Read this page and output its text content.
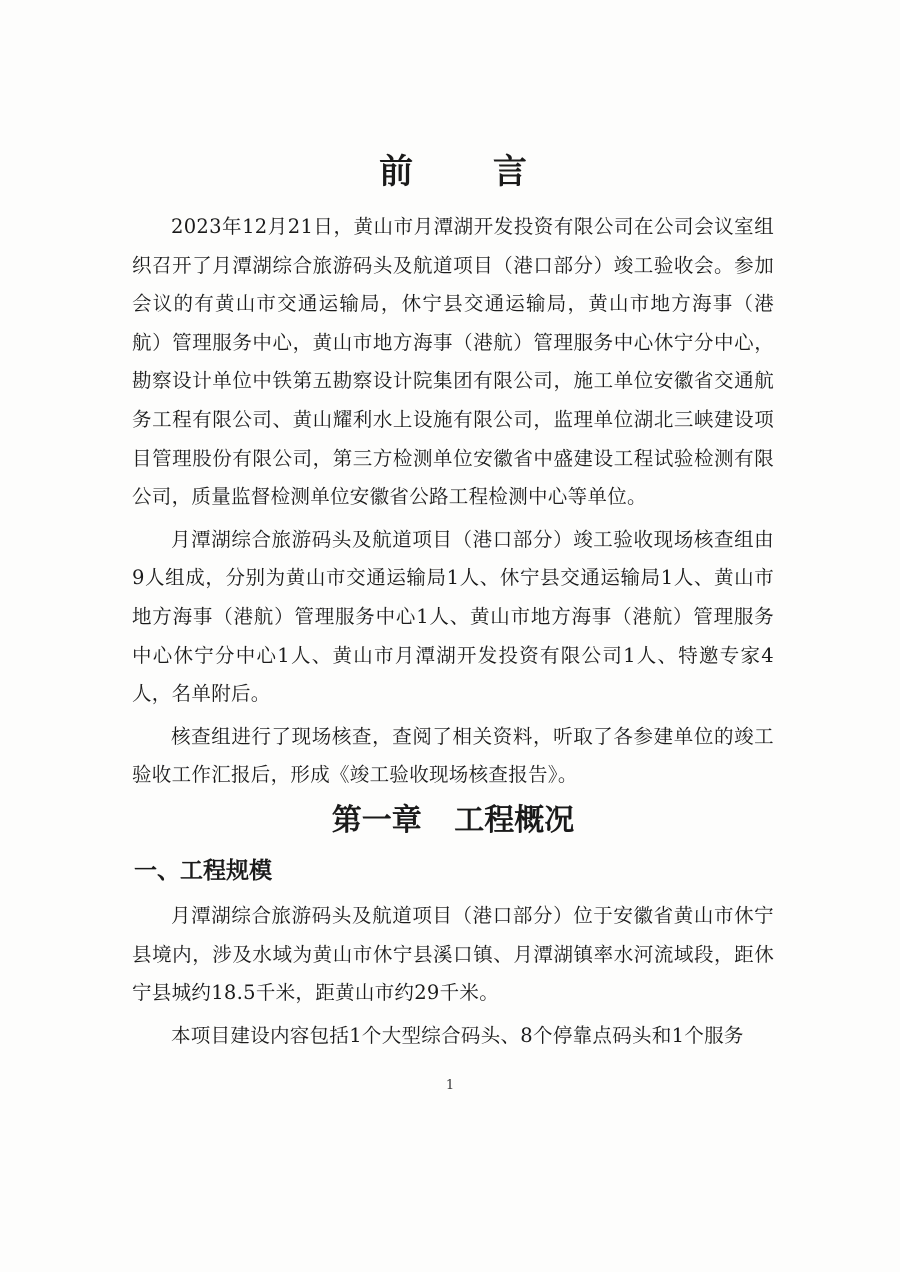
前 言

2023年12月21日，黄山市月潭湖开发投资有限公司在公司会议室组织召开了月潭湖综合旅游码头及航道项目（港口部分）竣工验收会。参加会议的有黄山市交通运输局，休宁县交通运输局，黄山市地方海事（港航）管理服务中心，黄山市地方海事（港航）管理服务中心休宁分中心，勘察设计单位中铁第五勘察设计院集团有限公司，施工单位安徽省交通航务工程有限公司、黄山耀利水上设施有限公司，监理单位湖北三峡建设项目管理股份有限公司，第三方检测单位安徽省中盛建设工程试验检测有限公司，质量监督检测单位安徽省公路工程检测中心等单位。

月潭湖综合旅游码头及航道项目（港口部分）竣工验收现场核查组由9人组成，分别为黄山市交通运输局1人、休宁县交通运输局1人、黄山市地方海事（港航）管理服务中心1人、黄山市地方海事（港航）管理服务中心休宁分中心1人、黄山市月潭湖开发投资有限公司1人、特邀专家4人，名单附后。

核查组进行了现场核查，查阅了相关资料，听取了各参建单位的竣工验收工作汇报后，形成《竣工验收现场核查报告》。

第一章 工程概况
一、工程规模

月潭湖综合旅游码头及航道项目（港口部分）位于安徽省黄山市休宁县境内，涉及水域为黄山市休宁县溪口镇、月潭湖镇率水河流域段，距休宁县城约18.5千米，距黄山市约29千米。

本项目建设内容包括1个大型综合码头、8个停靠点码头和1个服务

1
